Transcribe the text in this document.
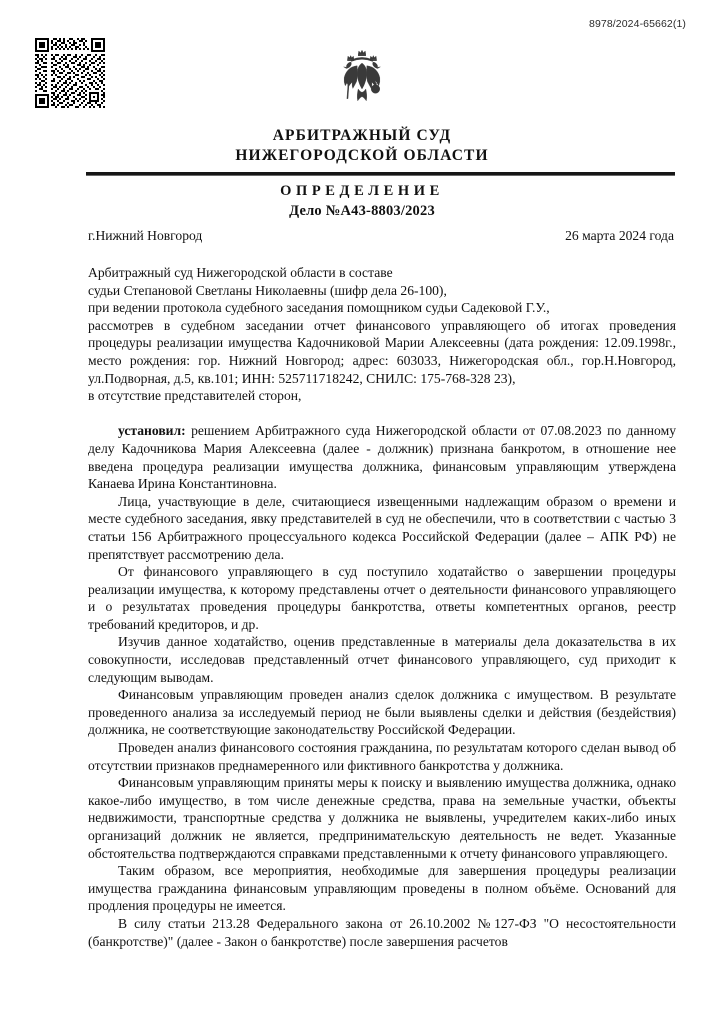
8978/2024-65662(1)
АРБИТРАЖНЫЙ СУД
НИЖЕГОРОДСКОЙ ОБЛАСТИ
ОПРЕДЕЛЕНИЕ
Дело №А43-8803/2023
г.Нижний Новгород	26 марта 2024 года

Арбитражный суд Нижегородской области в составе

судьи Степановой Светланы Николаевны (шифр дела 26-100),

при ведении протокола судебного заседания помощником судьи Садековой Г.У.,

рассмотрев в судебном заседании отчет финансового управляющего об итогах проведения процедуры реализации имущества Кадочниковой Марии Алексеевны (дата рождения: 12.09.1998г., место рождения: гор. Нижний Новгород; адрес: 603033, Нижегородская обл., гор.Н.Новгород, ул.Подворная, д.5, кв.101; ИНН: 525711718242, СНИЛС: 175-768-328 23),

в отсутствие представителей сторон,

установил: решением Арбитражного суда Нижегородской области от 07.08.2023 по данному делу Кадочникова Мария Алексеевна (далее - должник) признана банкротом, в отношение нее введена процедура реализации имущества должника, финансовым управляющим утверждена Канаева Ирина Константиновна.

Лица, участвующие в деле, считающиеся извещенными надлежащим образом о времени и месте судебного заседания, явку представителей в суд не обеспечили, что в соответствии с частью 3 статьи 156 Арбитражного процессуального кодекса Российской Федерации (далее – АПК РФ) не препятствует рассмотрению дела.

От финансового управляющего в суд поступило ходатайство о завершении процедуры реализации имущества, к которому представлены отчет о деятельности финансового управляющего и о результатах проведения процедуры банкротства, ответы компетентных органов, реестр требований кредиторов, и др.

Изучив данное ходатайство, оценив представленные в материалы дела доказательства в их совокупности, исследовав представленный отчет финансового управляющего, суд приходит к следующим выводам.

Финансовым управляющим проведен анализ сделок должника с имуществом. В результате проведенного анализа за исследуемый период не были выявлены сделки и действия (бездействия) должника, не соответствующие законодательству Российской Федерации.

Проведен анализ финансового состояния гражданина, по результатам которого сделан вывод об отсутствии признаков преднамеренного или фиктивного банкротства у должника.

Финансовым управляющим приняты меры к поиску и выявлению имущества должника, однако какое-либо имущество, в том числе денежные средства, права на земельные участки, объекты недвижимости, транспортные средства у должника не выявлены, учредителем каких-либо иных организаций должник не является, предпринимательскую деятельность не ведет. Указанные обстоятельства подтверждаются справками представленными к отчету финансового управляющего.

Таким образом, все мероприятия, необходимые для завершения процедуры реализации имущества гражданина финансовым управляющим проведены в полном объёме. Оснований для продления процедуры не имеется.

В силу статьи 213.28 Федерального закона от 26.10.2002 №127-ФЗ "О несостоятельности (банкротстве)" (далее - Закон о банкротстве) после завершения расчетов
